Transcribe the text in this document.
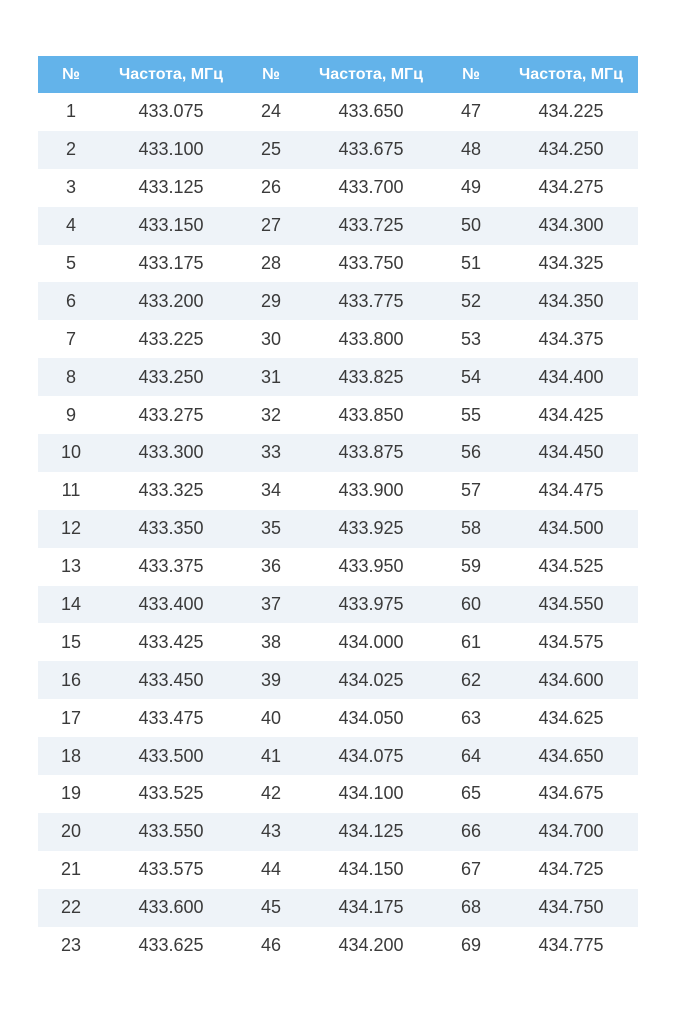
№	Частота, МГц	№	Частота, МГц	№	Частота, МГц
1	433.075	24	433.650	47	434.225
2	433.100	25	433.675	48	434.250
3	433.125	26	433.700	49	434.275
4	433.150	27	433.725	50	434.300
5	433.175	28	433.750	51	434.325
6	433.200	29	433.775	52	434.350
7	433.225	30	433.800	53	434.375
8	433.250	31	433.825	54	434.400
9	433.275	32	433.850	55	434.425
10	433.300	33	433.875	56	434.450
11	433.325	34	433.900	57	434.475
12	433.350	35	433.925	58	434.500
13	433.375	36	433.950	59	434.525
14	433.400	37	433.975	60	434.550
15	433.425	38	434.000	61	434.575
16	433.450	39	434.025	62	434.600
17	433.475	40	434.050	63	434.625
18	433.500	41	434.075	64	434.650
19	433.525	42	434.100	65	434.675
20	433.550	43	434.125	66	434.700
21	433.575	44	434.150	67	434.725
22	433.600	45	434.175	68	434.750
23	433.625	46	434.200	69	434.775
